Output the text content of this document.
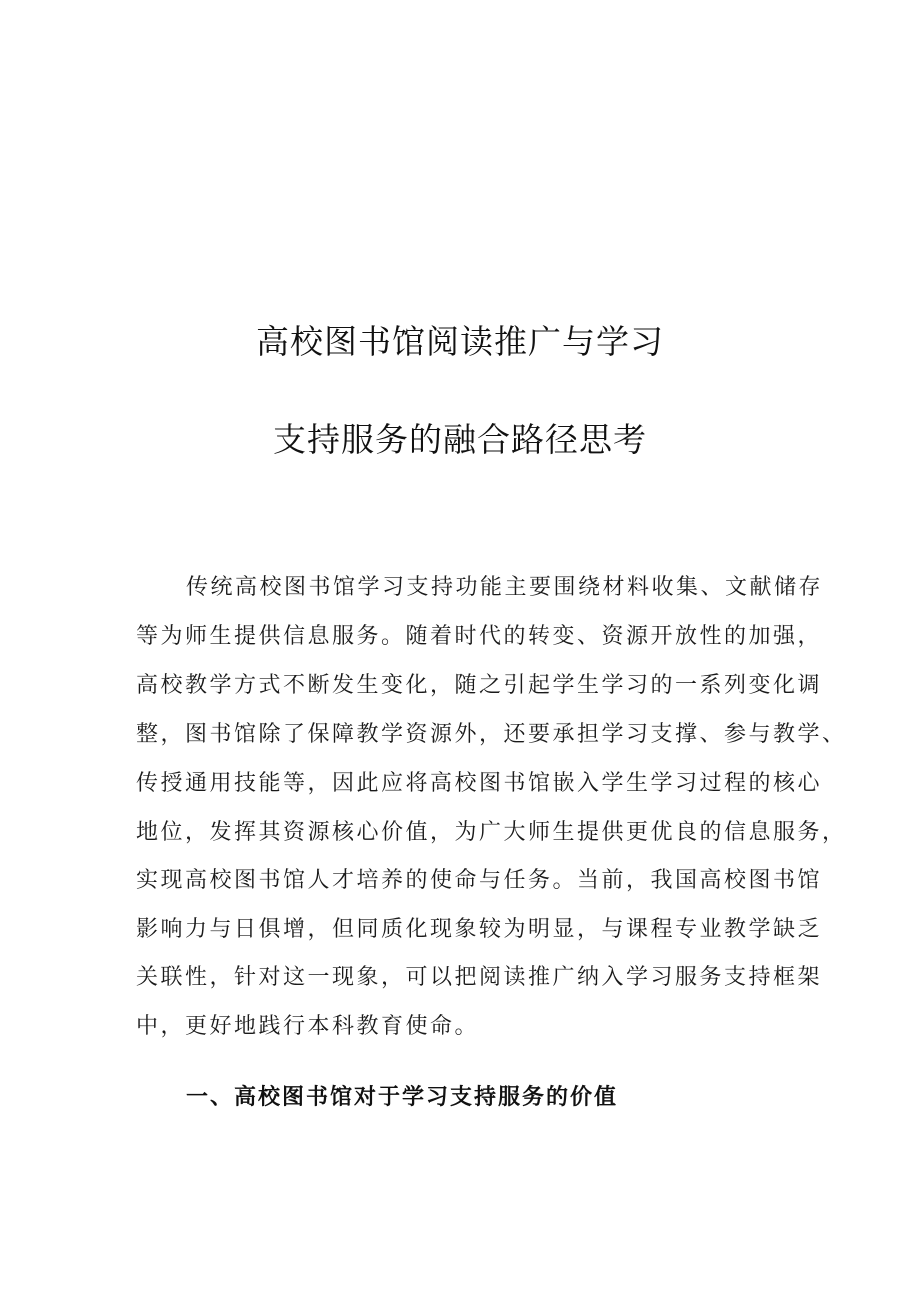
高校图书馆阅读推广与学习
支持服务的融合路径思考
传统高校图书馆学习支持功能主要围绕材料收集、文献储存
等为师生提供信息服务。随着时代的转变、资源开放性的加强，
高校教学方式不断发生变化，随之引起学生学习的一系列变化调
整，图书馆除了保障教学资源外，还要承担学习支撑、参与教学、
传授通用技能等，因此应将高校图书馆嵌入学生学习过程的核心
地位，发挥其资源核心价值，为广大师生提供更优良的信息服务，
实现高校图书馆人才培养的使命与任务。当前，我国高校图书馆
影响力与日俱增，但同质化现象较为明显，与课程专业教学缺乏
关联性，针对这一现象，可以把阅读推广纳入学习服务支持框架
中，更好地践行本科教育使命。
一、高校图书馆对于学习支持服务的价值
